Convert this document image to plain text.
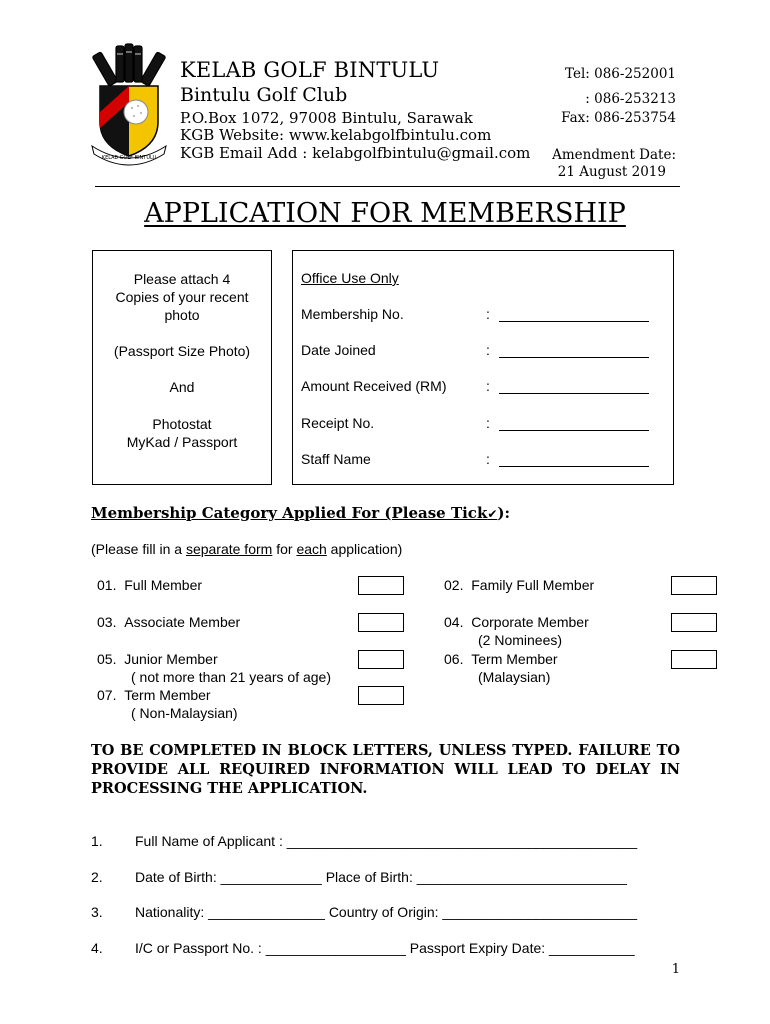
KELAB GOLF BINTULU
KELAB GOLF BINTULU
Bintulu Golf Club
P.O.Box 1072, 97008 Bintulu, Sarawak
KGB Website: www.kelabgolfbintulu.com
KGB Email Add : kelabgolfbintulu@gmail.com
Tel: 086-252001
: 086-253213
Fax: 086-253754
Amendment Date:
21 August 2019
APPLICATION FOR MEMBERSHIP
Please attach 4
Copies of your recent
photo
(Passport Size Photo)
And
Photostat
MyKad / Passport
Office Use Only
Membership No.	:
Date Joined	:
Amount Received (RM)	:
Receipt No.	:
Staff Name	:
Membership Category Applied For (Please Tick✔):
(Please fill in a separate form for each application)
01. Full Member
03. Associate Member
05. Junior Member
( not more than 21 years of age)
07. Term Member
( Non-Malaysian)
02. Family Full Member
04. Corporate Member
(2 Nominees)
06. Term Member
(Malaysian)
TO BE COMPLETED IN BLOCK LETTERS, UNLESS TYPED. FAILURE TO PROVIDE ALL REQUIRED INFORMATION WILL LEAD TO DELAY IN PROCESSING THE APPLICATION.
1. Full Name of Applicant : _____________________________________________
2. Date of Birth: _____________ Place of Birth: ___________________________
3. Nationality: _______________ Country of Origin: _________________________
4. I/C or Passport No. : __________________ Passport Expiry Date: ___________
1
